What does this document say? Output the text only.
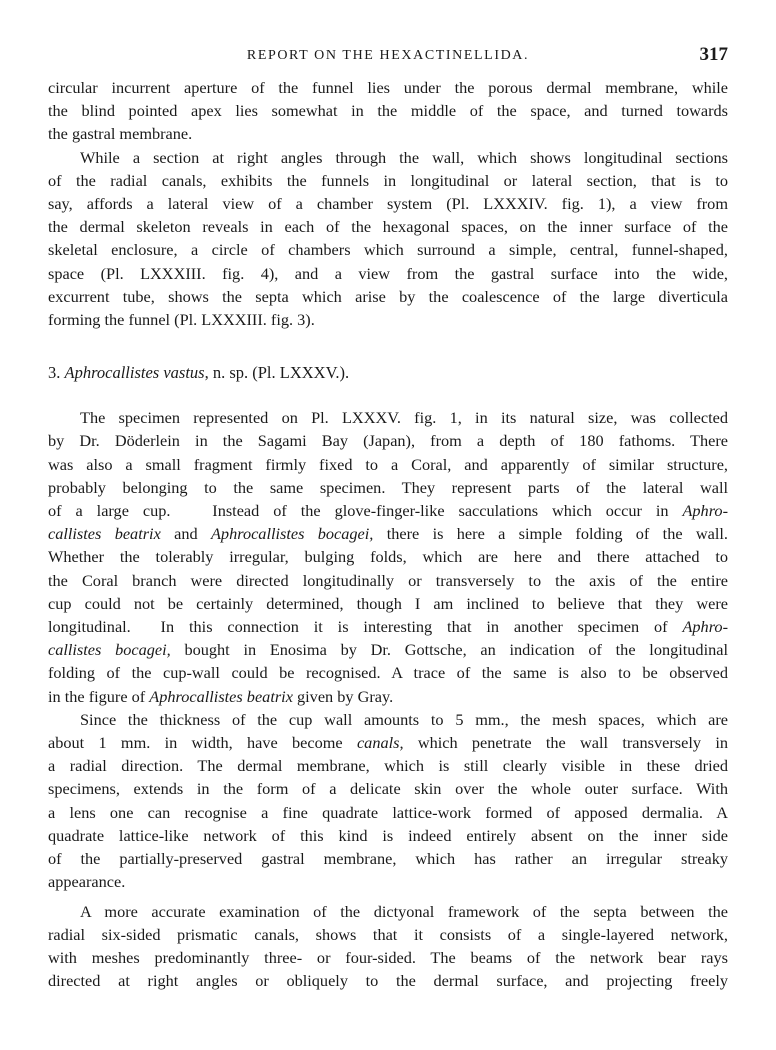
REPORT ON THE HEXACTINELLIDA.	317

circular incurrent aperture of the funnel lies under the porous dermal membrane, while
the blind pointed apex lies somewhat in the middle of the space, and turned towards
the gastral membrane.

While a section at right angles through the wall, which shows longitudinal sections
of the radial canals, exhibits the funnels in longitudinal or lateral section, that is to
say, affords a lateral view of a chamber system (Pl. LXXXIV. fig. 1), a view from
the dermal skeleton reveals in each of the hexagonal spaces, on the inner surface of the
skeletal enclosure, a circle of chambers which surround a simple, central, funnel-shaped,
space (Pl. LXXXIII. fig. 4), and a view from the gastral surface into the wide,
excurrent tube, shows the septa which arise by the coalescence of the large diverticula
forming the funnel (Pl. LXXXIII. fig. 3).

3. Aphrocallistes vastus, n. sp. (Pl. LXXXV.).

The specimen represented on Pl. LXXXV. fig. 1, in its natural size, was collected
by Dr. Döderlein in the Sagami Bay (Japan), from a depth of 180 fathoms. There
was also a small fragment firmly fixed to a Coral, and apparently of similar structure,
probably belonging to the same specimen. They represent parts of the lateral wall
of a large cup.   Instead of the glove-finger-like sacculations which occur in Aphro-
callistes beatrix and Aphrocallistes bocagei, there is here a simple folding of the wall.
Whether the tolerably irregular, bulging folds, which are here and there attached to
the Coral branch were directed longitudinally or transversely to the axis of the entire
cup could not be certainly determined, though I am inclined to believe that they were
longitudinal.  In this connection it is interesting that in another specimen of Aphro-
callistes bocagei, bought in Enosima by Dr. Gottsche, an indication of the longitudinal
folding of the cup-wall could be recognised. A trace of the same is also to be observed
in the figure of Aphrocallistes beatrix given by Gray.

Since the thickness of the cup wall amounts to 5 mm., the mesh spaces, which are
about 1 mm. in width, have become canals, which penetrate the wall transversely in
a radial direction. The dermal membrane, which is still clearly visible in these dried
specimens, extends in the form of a delicate skin over the whole outer surface. With
a lens one can recognise a fine quadrate lattice-work formed of apposed dermalia. A
quadrate lattice-like network of this kind is indeed entirely absent on the inner side
of the partially-preserved gastral membrane, which has rather an irregular streaky
appearance.

A more accurate examination of the dictyonal framework of the septa between the
radial six-sided prismatic canals, shows that it consists of a single-layered network,
with meshes predominantly three- or four-sided. The beams of the network bear rays
directed at right angles or obliquely to the dermal surface, and projecting freely
